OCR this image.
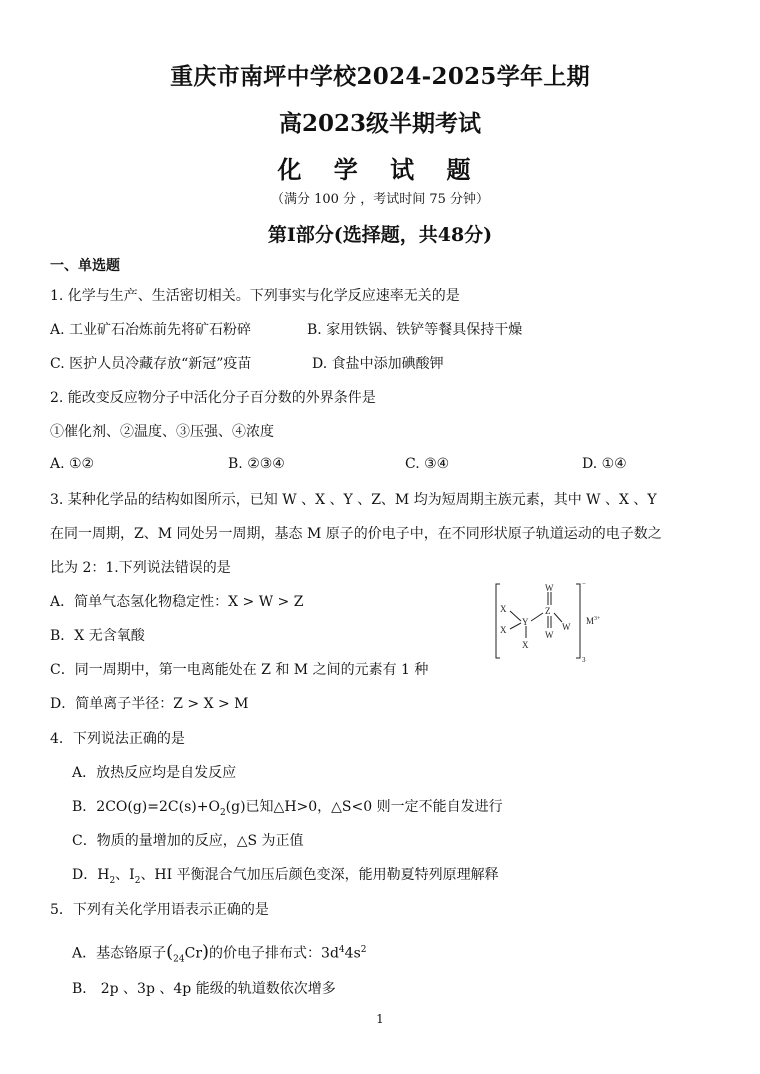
重庆市南坪中学校2024-2025学年上期
高2023级半期考试
化 学 试 题
（满分 100 分 ，考试时间 75 分钟）
第Ⅰ部分(选择题，共48分)
一、单选题
1. 化学与生产、生活密切相关。下列事实与化学反应速率无关的是
A. 工业矿石冶炼前先将矿石粉碎	B. 家用铁锅、铁铲等餐具保持干燥
C. 医护人员冷藏存放“新冠”疫苗	D. 食盐中添加碘酸钾
2. 能改变反应物分子中活化分子百分数的外界条件是
①催化剂、②温度、③压强、④浓度
A. ①②	B. ②③④	C. ③④	D. ①④
3. 某种化学品的结构如图所示，已知 W 、X 、Y 、Z、M 均为短周期主族元素，其中 W 、X 、Y
在同一周期，Z、M 同处另一周期，基态 M 原子的价电子中，在不同形状原子轨道运动的电子数之
比为 2：1.下列说法错误的是
A．简单气态氢化物稳定性：X > W > Z
B．X 无含氧酸
C．同一周期中，第一电离能处在 Z 和 M 之间的元素有 1 种
D．简单离子半径：Z > X > M
W
X
X
Y
Z
W
W
X
−
3
M 3+
4．下列说法正确的是
A．放热反应均是自发反应
B．$2CO(g)=2C(s)+O_2(g)$已知△H>0，△S<0 则一定不能自发进行
C．物质的量增加的反应，△S 为正值
D．$H_2$、$I_2$、HI 平衡混合气加压后颜色变深，能用勒夏特列原理解释
5．下列有关化学用语表示正确的是
A．基态铬原子$(_{24}Cr)$的价电子排布式：$3d^44s^2$
B． 2p 、3p 、4p 能级的轨道数依次增多
1
